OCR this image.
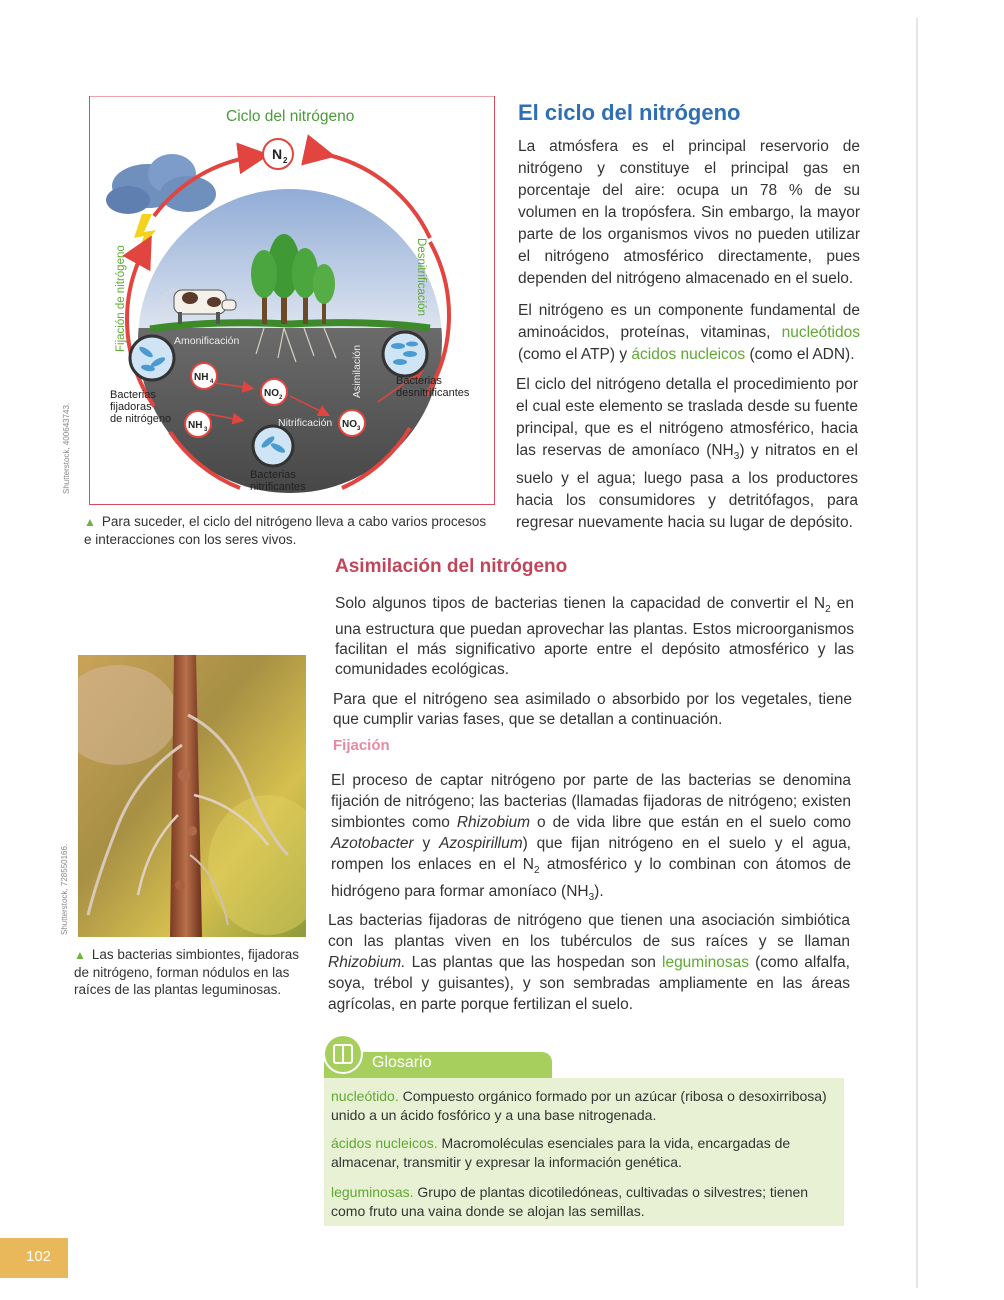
N 2
NH 4
NO 2
NH 3	NO 3
Amonificación
Nitrificación
Asimilación
Fijación de nitrógeno	Desnitrificación
Bacterias
fijadoras
de nitrógeno
Bacterias
desnitrificantes
Bacterias
nitrificantes
Ciclo del nitrógeno
Shutterstock, 400643743.
▲ Para suceder, el ciclo del nitrógeno lleva a cabo varios procesos e interacciones con los seres vivos.
El ciclo del nitrógeno
La atmósfera es el principal reservorio de nitrógeno y constituye el principal gas en porcentaje del aire: ocupa un 78 % de su volumen en la tropósfera. Sin embargo, la mayor parte de los organismos vivos no pueden utilizar el nitrógeno atmosférico directamente, pues dependen del nitrógeno almacenado en el suelo.
El nitrógeno es un componente fundamental de aminoácidos, proteínas, vitaminas, nucleótidos (como el ATP) y ácidos nucleicos (como el ADN).
El ciclo del nitrógeno detalla el procedimiento por el cual este elemento se traslada desde su fuente principal, que es el nitrógeno atmosférico, hacia las reservas de amoníaco $(NH_3)$ y nitratos en el suelo y el agua; luego pasa a los productores hacia los consumidores y detritófagos, para regresar nuevamente hacia su lugar de depósito.
Asimilación del nitrógeno
Solo algunos tipos de bacterias tienen la capacidad de convertir el $N_2$ en una estructura que puedan aprovechar las plantas. Estos microorganismos facilitan el más significativo aporte entre el depósito atmosférico y las comunidades ecológicas.
Para que el nitrógeno sea asimilado o absorbido por los vegetales, tiene que cumplir varias fases, que se detallan a continuación.
Fijación
El proceso de captar nitrógeno por parte de las bacterias se denomina fijación de nitrógeno; las bacterias (llamadas fijadoras de nitrógeno; existen simbiontes como Rhizobium o de vida libre que están en el suelo como Azotobacter y Azospirillum) que fijan nitrógeno en el suelo y el agua, rompen los enlaces en el $N_2$ atmosférico y lo combinan con átomos de hidrógeno para formar amoníaco $(NH_3)$.
Las bacterias fijadoras de nitrógeno que tienen una asociación simbiótica con las plantas viven en los tubérculos de sus raíces y se llaman Rhizobium. Las plantas que las hospedan son leguminosas (como alfalfa, soya, trébol y guisantes), y son sembradas ampliamente en las áreas agrícolas, en parte porque fertilizan el suelo.
Shutterstock, 728550166.
▲ Las bacterias simbiontes, fijadoras de nitrógeno, forman nódulos en las raíces de las plantas leguminosas.
Glosario
nucleótido. Compuesto orgánico formado por un azúcar (ribosa o desoxirribosa) unido a un ácido fosfórico y a una base nitrogenada.
ácidos nucleicos. Macromoléculas esenciales para la vida, encargadas de almacenar, transmitir y expresar la información genética.
leguminosas. Grupo de plantas dicotiledóneas, cultivadas o silvestres; tienen como fruto una vaina donde se alojan las semillas.
102
